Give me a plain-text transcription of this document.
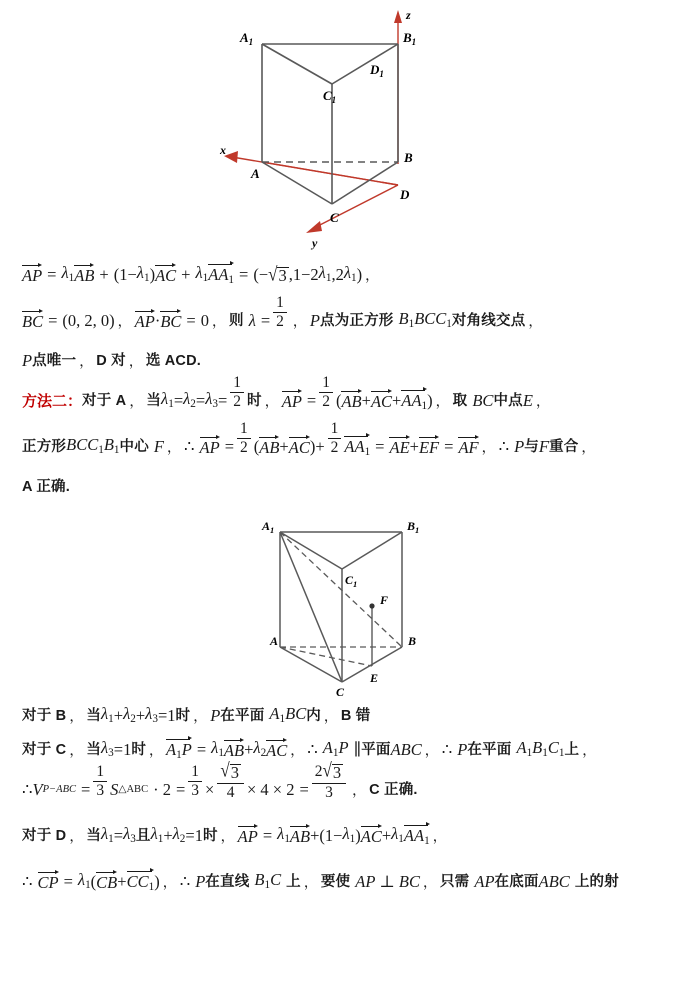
$A_1$	$B_1$
$C_1$
$D_1$
A
B
C
D
x
y
z
AP = λ1 AB + (1 − λ1 ) AC + λ1 AA1 = ( − √ 3 ,1 − 2 λ1 ,2 λ1 ) ，
BC = (0, 2, 0) ， AP · BC = 0 ， 则 $\lambda = \frac{1}{2}$ ， P 点为正方形 B1BCC1 对角线交点 ，
P 点唯一 ， D 对 ， 选 ACD.
方法二 ： 对于 A ， 当 $\lambda 1 = \lambda 2 = \lambda 3 = \frac{1}{2}$ 时 ， AP = $\frac{1}{2}$ ( AB + AC + AA1 ) ， 取 BC 中点 E ，
正方形 BCC1B1 中心 F ， ∴ AP = $\frac{1}{2}$ ( AB + AC ) + $\frac{1}{2} AA1$ = AE + EF = AF ， ∴ P 与 F 重合 ，
A 正确.
$A_1$	$B_1$
$C_1$
A	B
C
E
F
对于 B ， 当 λ1 + λ2 + λ3 = 1 时 ， P 在平面 A1BC 内 ， B 错
对于 C ， 当 λ3 = 1 时 ， A1P = λ1 AB + λ2 AC ， ∴ A1P ∥ 平面 ABC ， ∴ P 在平面 A1B1C1 上 ，
∴ V $P-ABC = \frac{1}{3}$ S △ABC · $2 = \frac{1}{3} \times \frac{√ 3}{4} \times 4 \times 2 = \frac{2 √ 3}{3}$ ， C 正确.
对于 D ， 当 λ1 = λ3 且 λ1 + λ2 = 1 时 ， AP = λ1 AB + (1 − λ1 ) AC + λ1 AA1 ，
∴ CP = λ1 ( CB + CC1 ) ， ∴ P 在直线 B1C 上 ， 要使 AP ⊥ BC ， 只需 AP 在底面 ABC 上的射
